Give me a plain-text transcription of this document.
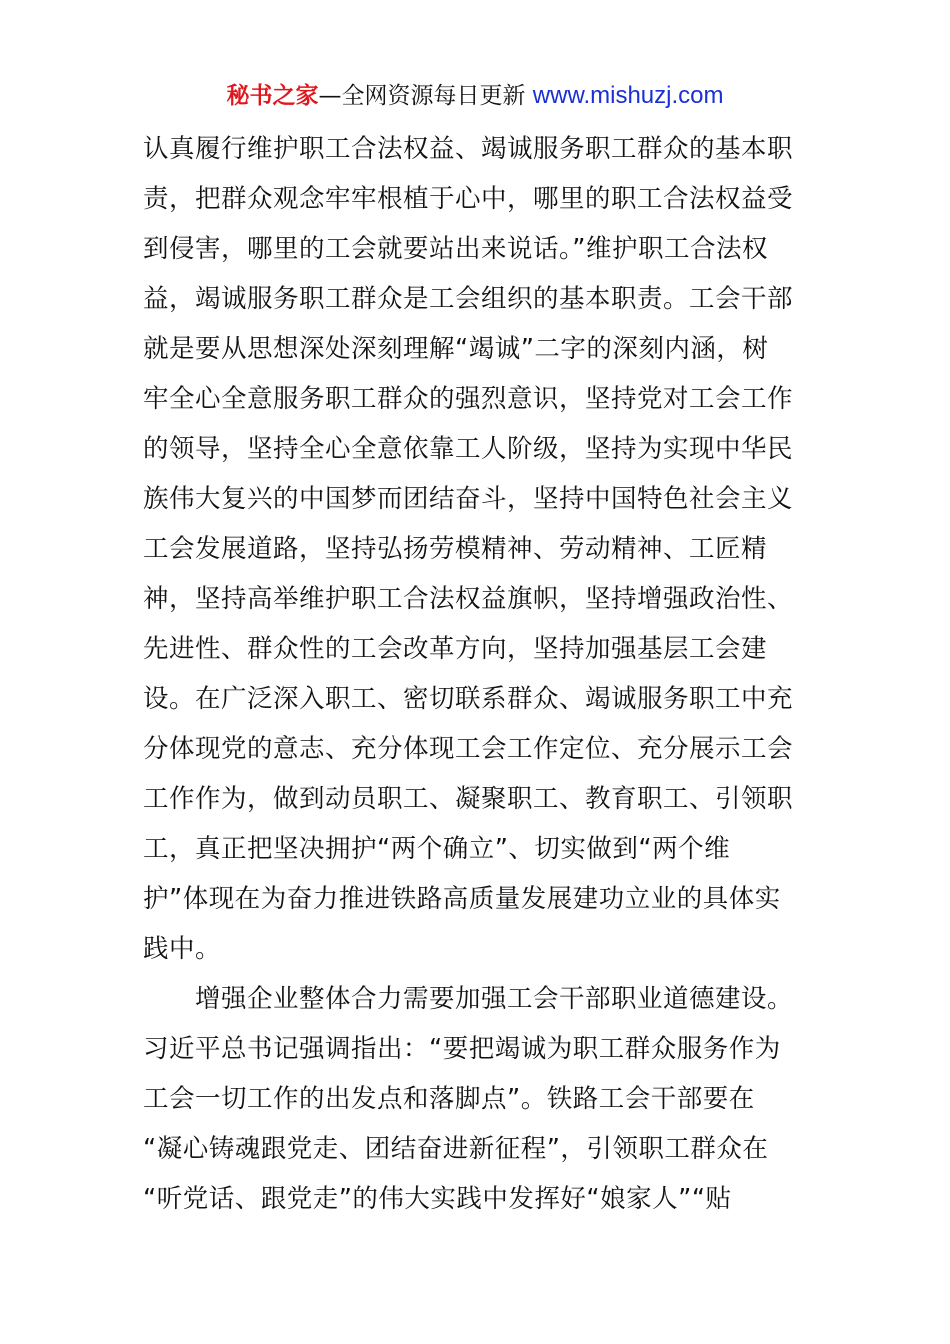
秘书之家—全网资源每日更新 www.mishuzj.com
认真履行维护职工合法权益、竭诚服务职工群众的基本职
责，把群众观念牢牢根植于心中，哪里的职工合法权益受
到侵害，哪里的工会就要站出来说话。”维护职工合法权
益，竭诚服务职工群众是工会组织的基本职责。工会干部
就是要从思想深处深刻理解“竭诚”二字的深刻内涵，树
牢全心全意服务职工群众的强烈意识，坚持党对工会工作
的领导，坚持全心全意依靠工人阶级，坚持为实现中华民
族伟大复兴的中国梦而团结奋斗，坚持中国特色社会主义
工会发展道路，坚持弘扬劳模精神、劳动精神、工匠精
神，坚持高举维护职工合法权益旗帜，坚持增强政治性、
先进性、群众性的工会改革方向，坚持加强基层工会建
设。在广泛深入职工、密切联系群众、竭诚服务职工中充
分体现党的意志、充分体现工会工作定位、充分展示工会
工作作为，做到动员职工、凝聚职工、教育职工、引领职
工，真正把坚决拥护“两个确立”、切实做到“两个维
护”体现在为奋力推进铁路高质量发展建功立业的具体实
践中。
增强企业整体合力需要加强工会干部职业道德建设。
习近平总书记强调指出：“要把竭诚为职工群众服务作为
工会一切工作的出发点和落脚点”。铁路工会干部要在
“凝心铸魂跟党走、团结奋进新征程”，引领职工群众在
“听党话、跟党走”的伟大实践中发挥好“娘家人”“贴
